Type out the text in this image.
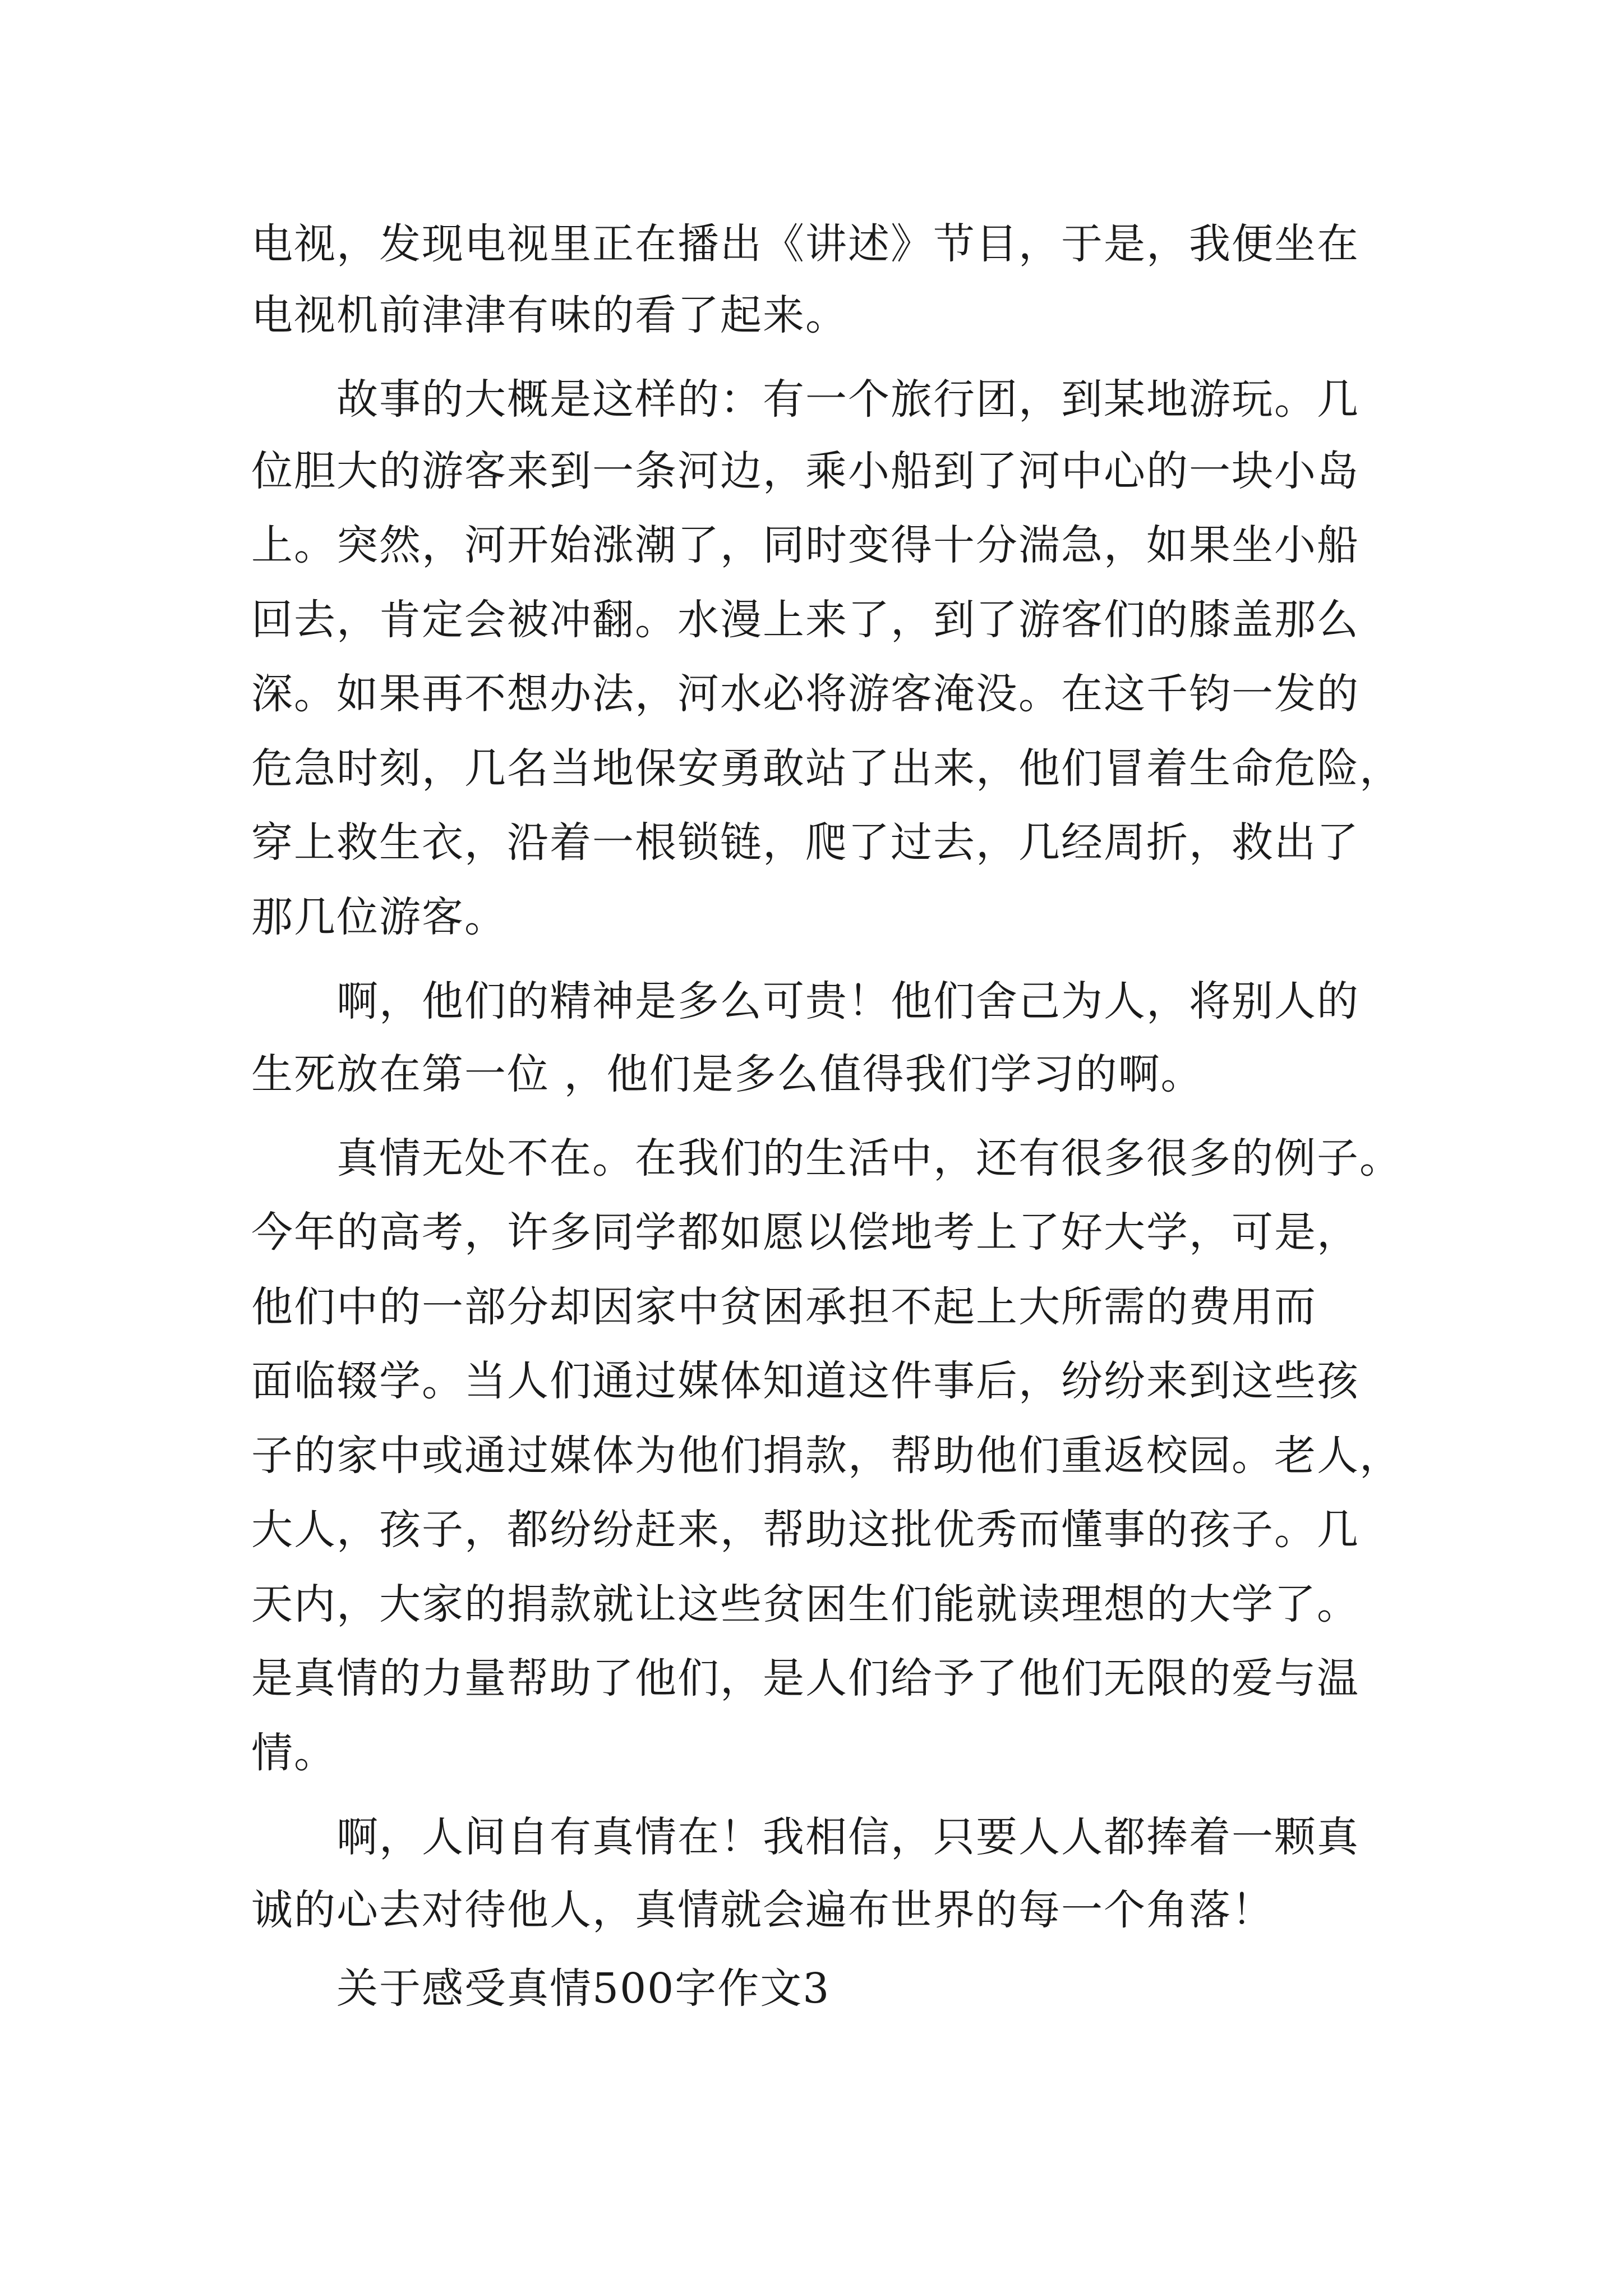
电视，发现电视里正在播出《讲述》节目，于是，我便坐在

电视机前津津有味的看了起来。

故事的大概是这样的：有一个旅行团，到某地游玩。几

位胆大的游客来到一条河边，乘小船到了河中心的一块小岛

上。突然，河开始涨潮了，同时变得十分湍急，如果坐小船

回去，肯定会被冲翻。水漫上来了，到了游客们的膝盖那么

深。如果再不想办法，河水必将游客淹没。在这千钧一发的

危急时刻，几名当地保安勇敢站了出来，他们冒着生命危险，

穿上救生衣，沿着一根锁链，爬了过去，几经周折，救出了

那几位游客。

啊，他们的精神是多么可贵！他们舍己为人，将别人的

生死放在第一位 ，他们是多么值得我们学习的啊。

真情无处不在。在我们的生活中，还有很多很多的例子。

今年的高考，许多同学都如愿以偿地考上了好大学，可是，

他们中的一部分却因家中贫困承担不起上大所需的费用而

面临辍学。当人们通过媒体知道这件事后，纷纷来到这些孩

子的家中或通过媒体为他们捐款，帮助他们重返校园。老人，

大人，孩子，都纷纷赶来，帮助这批优秀而懂事的孩子。几

天内，大家的捐款就让这些贫困生们能就读理想的大学了。

是真情的力量帮助了他们，是人们给予了他们无限的爱与温

情。

啊，人间自有真情在！我相信，只要人人都捧着一颗真

诚的心去对待他人，真情就会遍布世界的每一个角落！

关于感受真情500字作文3
